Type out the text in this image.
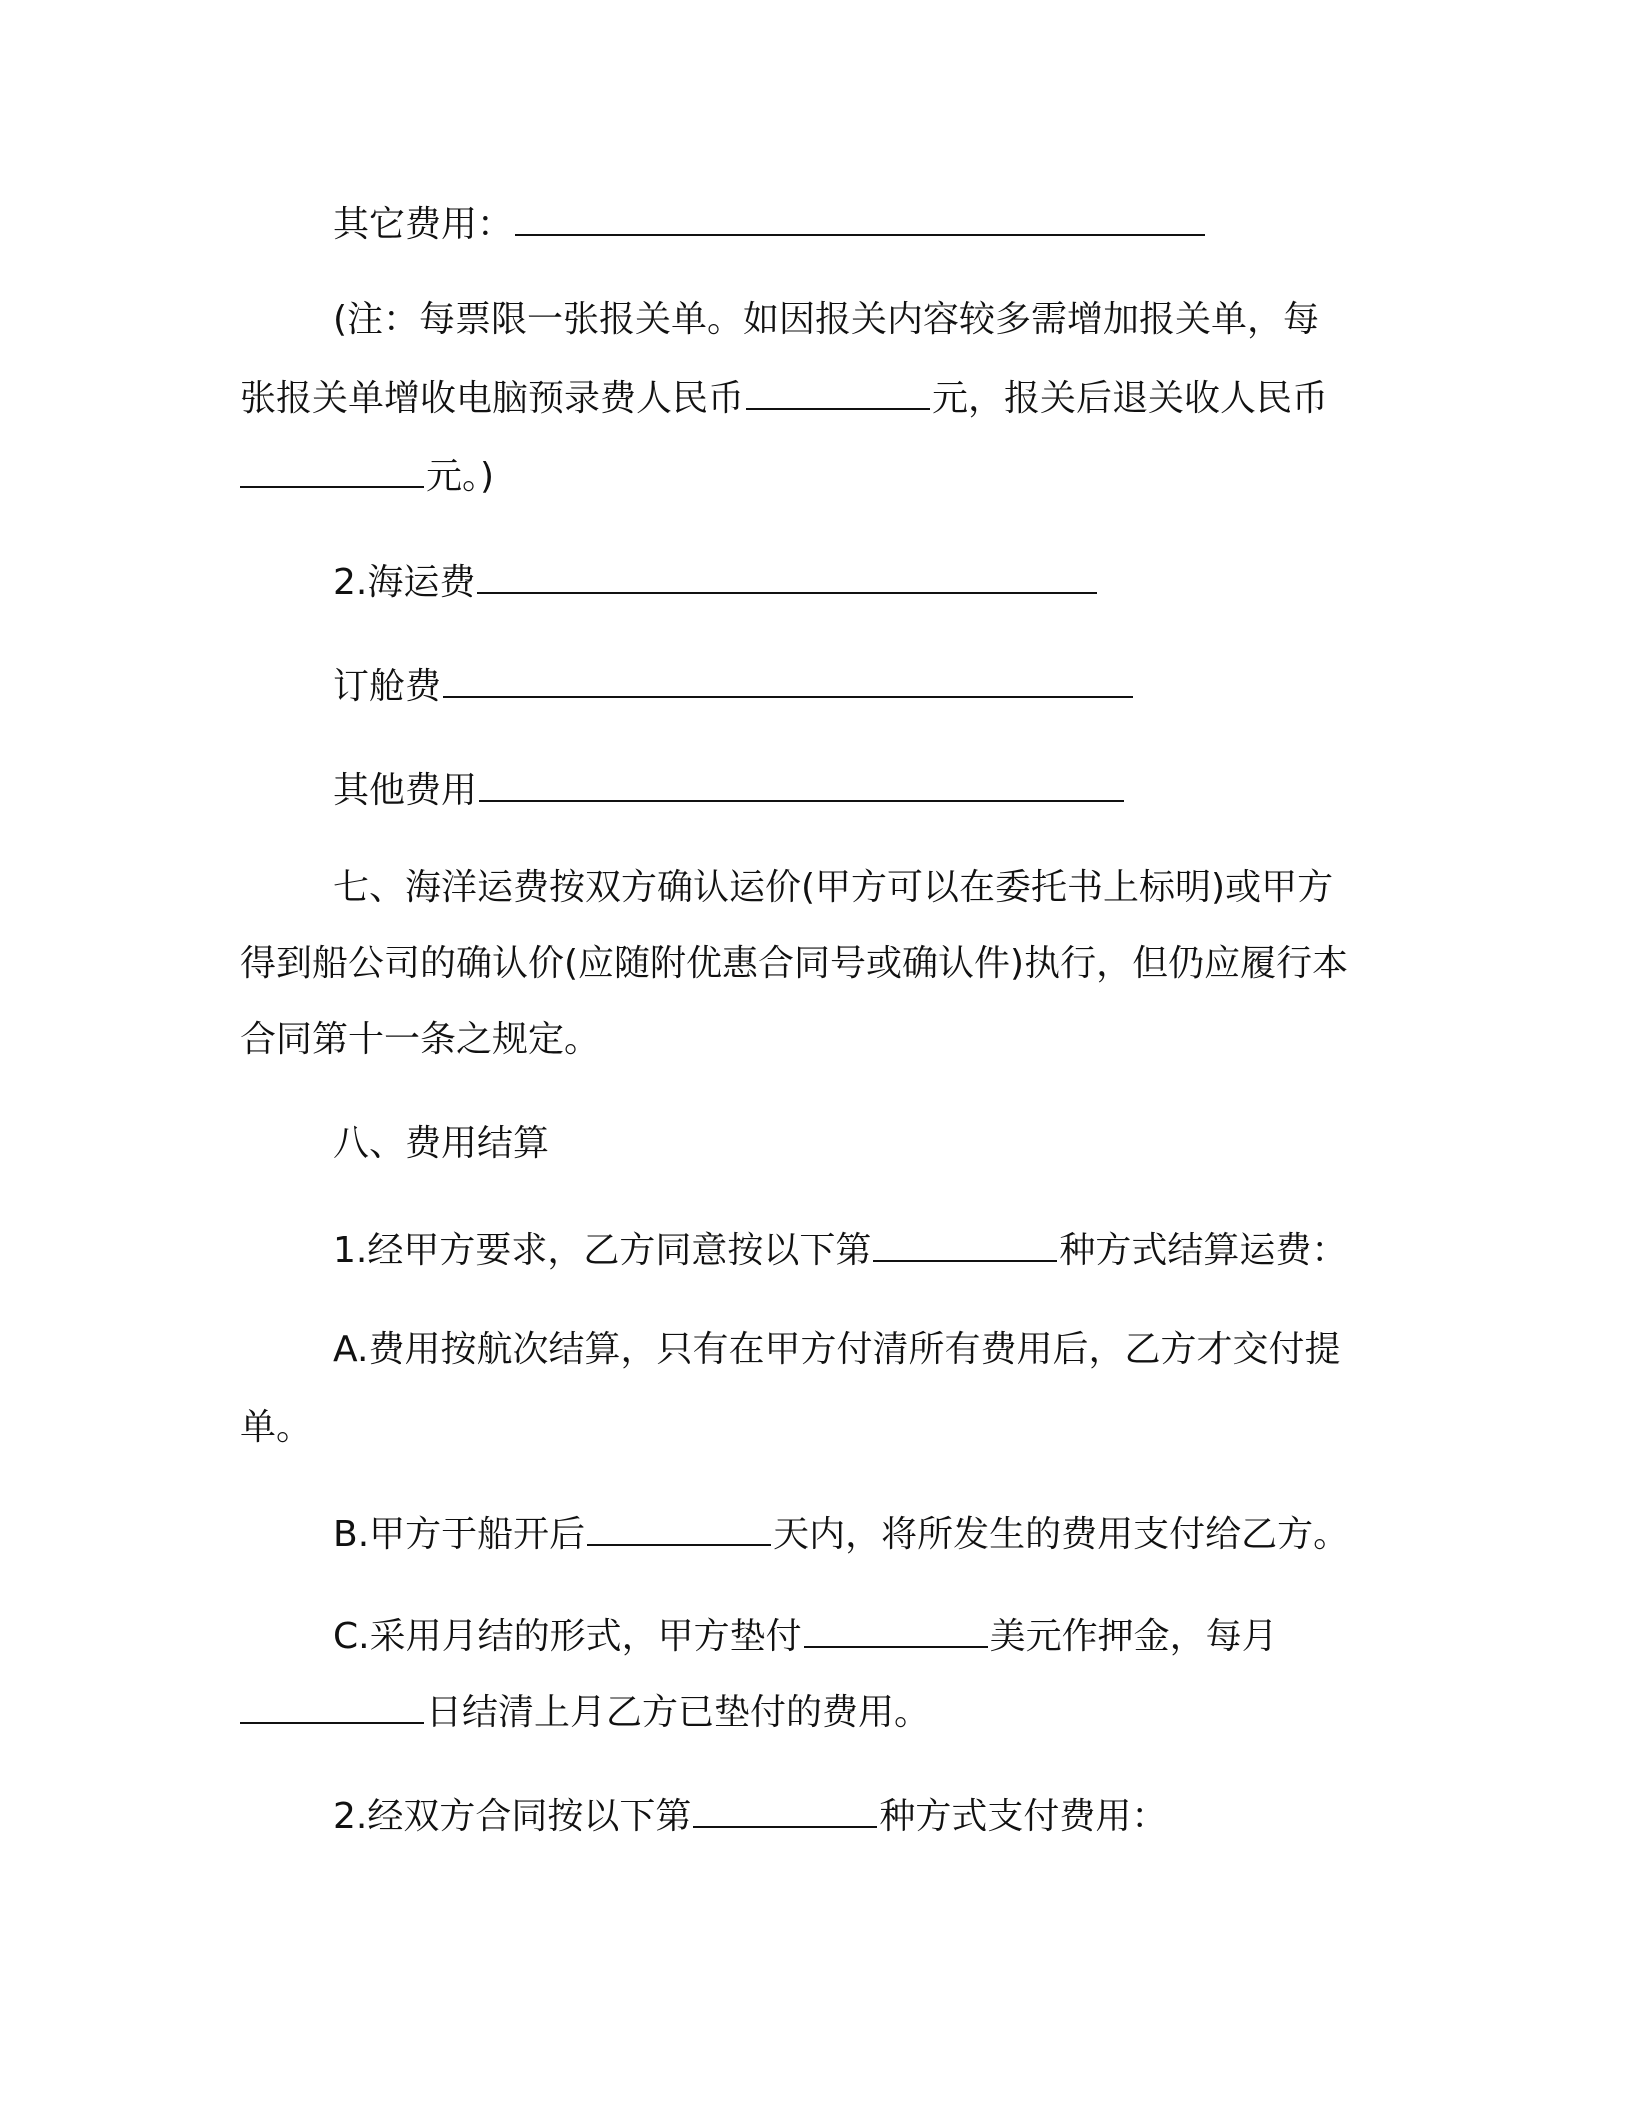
其它费用：
(注：每票限一张报关单。如因报关内容较多需增加报关单，每
张报关单增收电脑预录费人民币	元，报关后退关收人民币
元。)
2.海运费
订舱费
其他费用
七、海洋运费按双方确认运价(甲方可以在委托书上标明)或甲方
得到船公司的确认价(应随附优惠合同号或确认件)执行，但仍应履行本
合同第十一条之规定。
八、费用结算
1.经甲方要求，乙方同意按以下第	种方式结算运费：
A.费用按航次结算，只有在甲方付清所有费用后，乙方才交付提
单。
B.甲方于船开后	天内，将所发生的费用支付给乙方。
C.采用月结的形式，甲方垫付	美元作押金，每月
日结清上月乙方已垫付的费用。
2.经双方合同按以下第	种方式支付费用：
